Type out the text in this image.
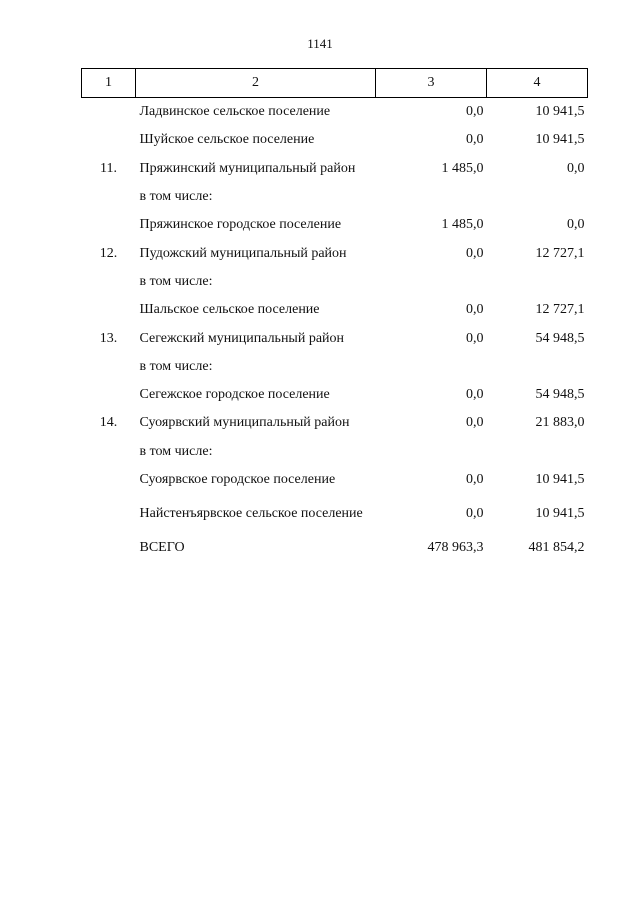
1141
1	2	3	4
	Ладвинское сельское поселение	0,0	10 941,5
	Шуйское сельское поселение	0,0	10 941,5
11.	Пряжинский муниципальный район	1 485,0	0,0
	в том числе:		
	Пряжинское городское поселение	1 485,0	0,0
12.	Пудожский муниципальный район	0,0	12 727,1
	в том числе:		
	Шальское сельское поселение	0,0	12 727,1
13.	Сегежский муниципальный район	0,0	54 948,5
	в том числе:		
	Сегежское городское поселение	0,0	54 948,5
14.	Суоярвский муниципальный район	0,0	21 883,0
	в том числе:		
	Суоярвское городское поселение	0,0	10 941,5
	Найстенъярвское сельское поселение	0,0	10 941,5
	ВСЕГО	478 963,3	481 854,2
